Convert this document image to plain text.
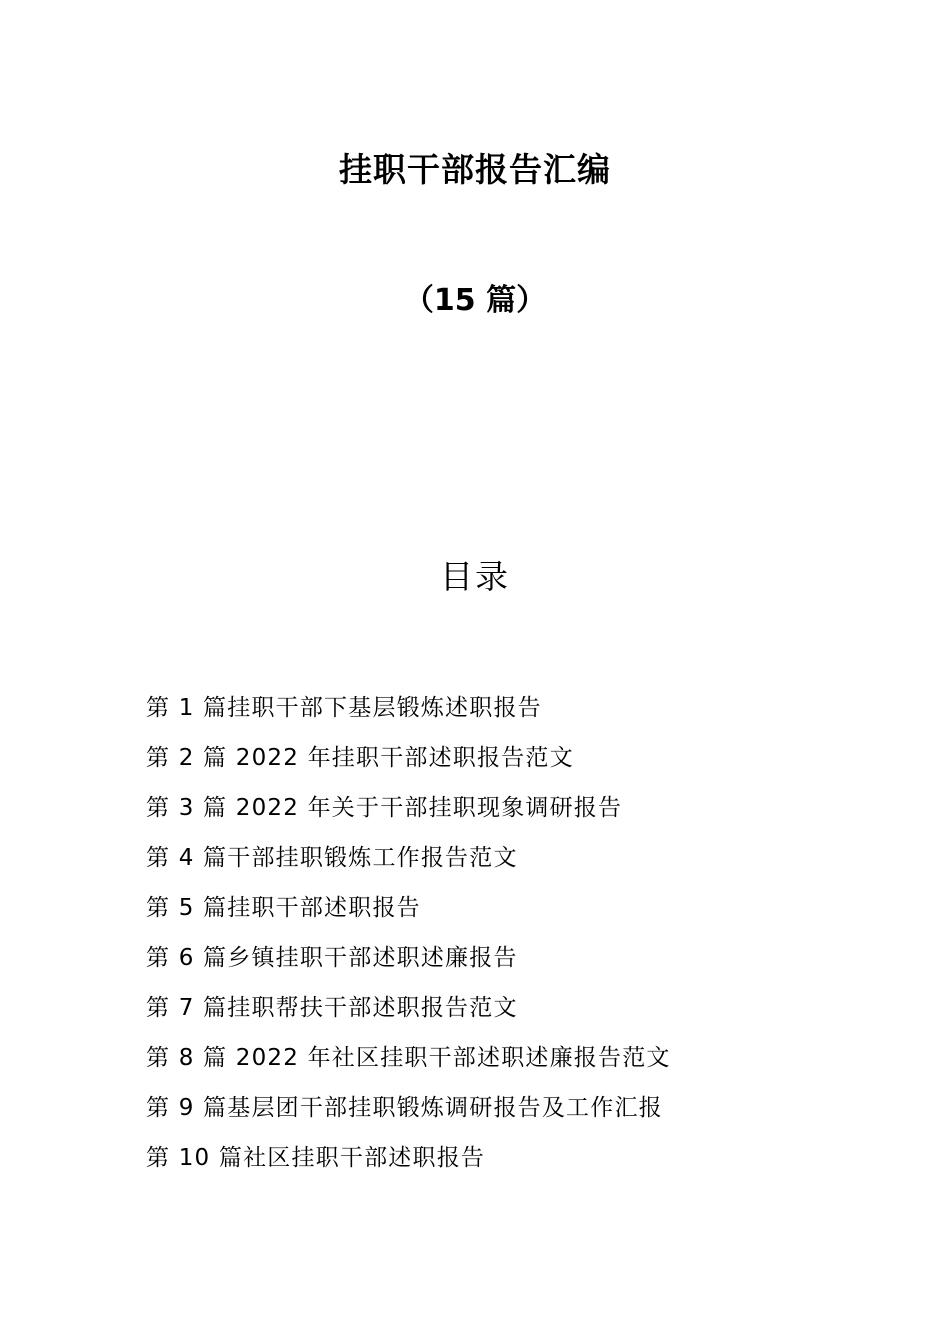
挂职干部报告汇编
（15 篇）
目录
第 1 篇挂职干部下基层锻炼述职报告
第 2 篇 2022 年挂职干部述职报告范文
第 3 篇 2022 年关于干部挂职现象调研报告
第 4 篇干部挂职锻炼工作报告范文
第 5 篇挂职干部述职报告
第 6 篇乡镇挂职干部述职述廉报告
第 7 篇挂职帮扶干部述职报告范文
第 8 篇 2022 年社区挂职干部述职述廉报告范文
第 9 篇基层团干部挂职锻炼调研报告及工作汇报
第 10 篇社区挂职干部述职报告
